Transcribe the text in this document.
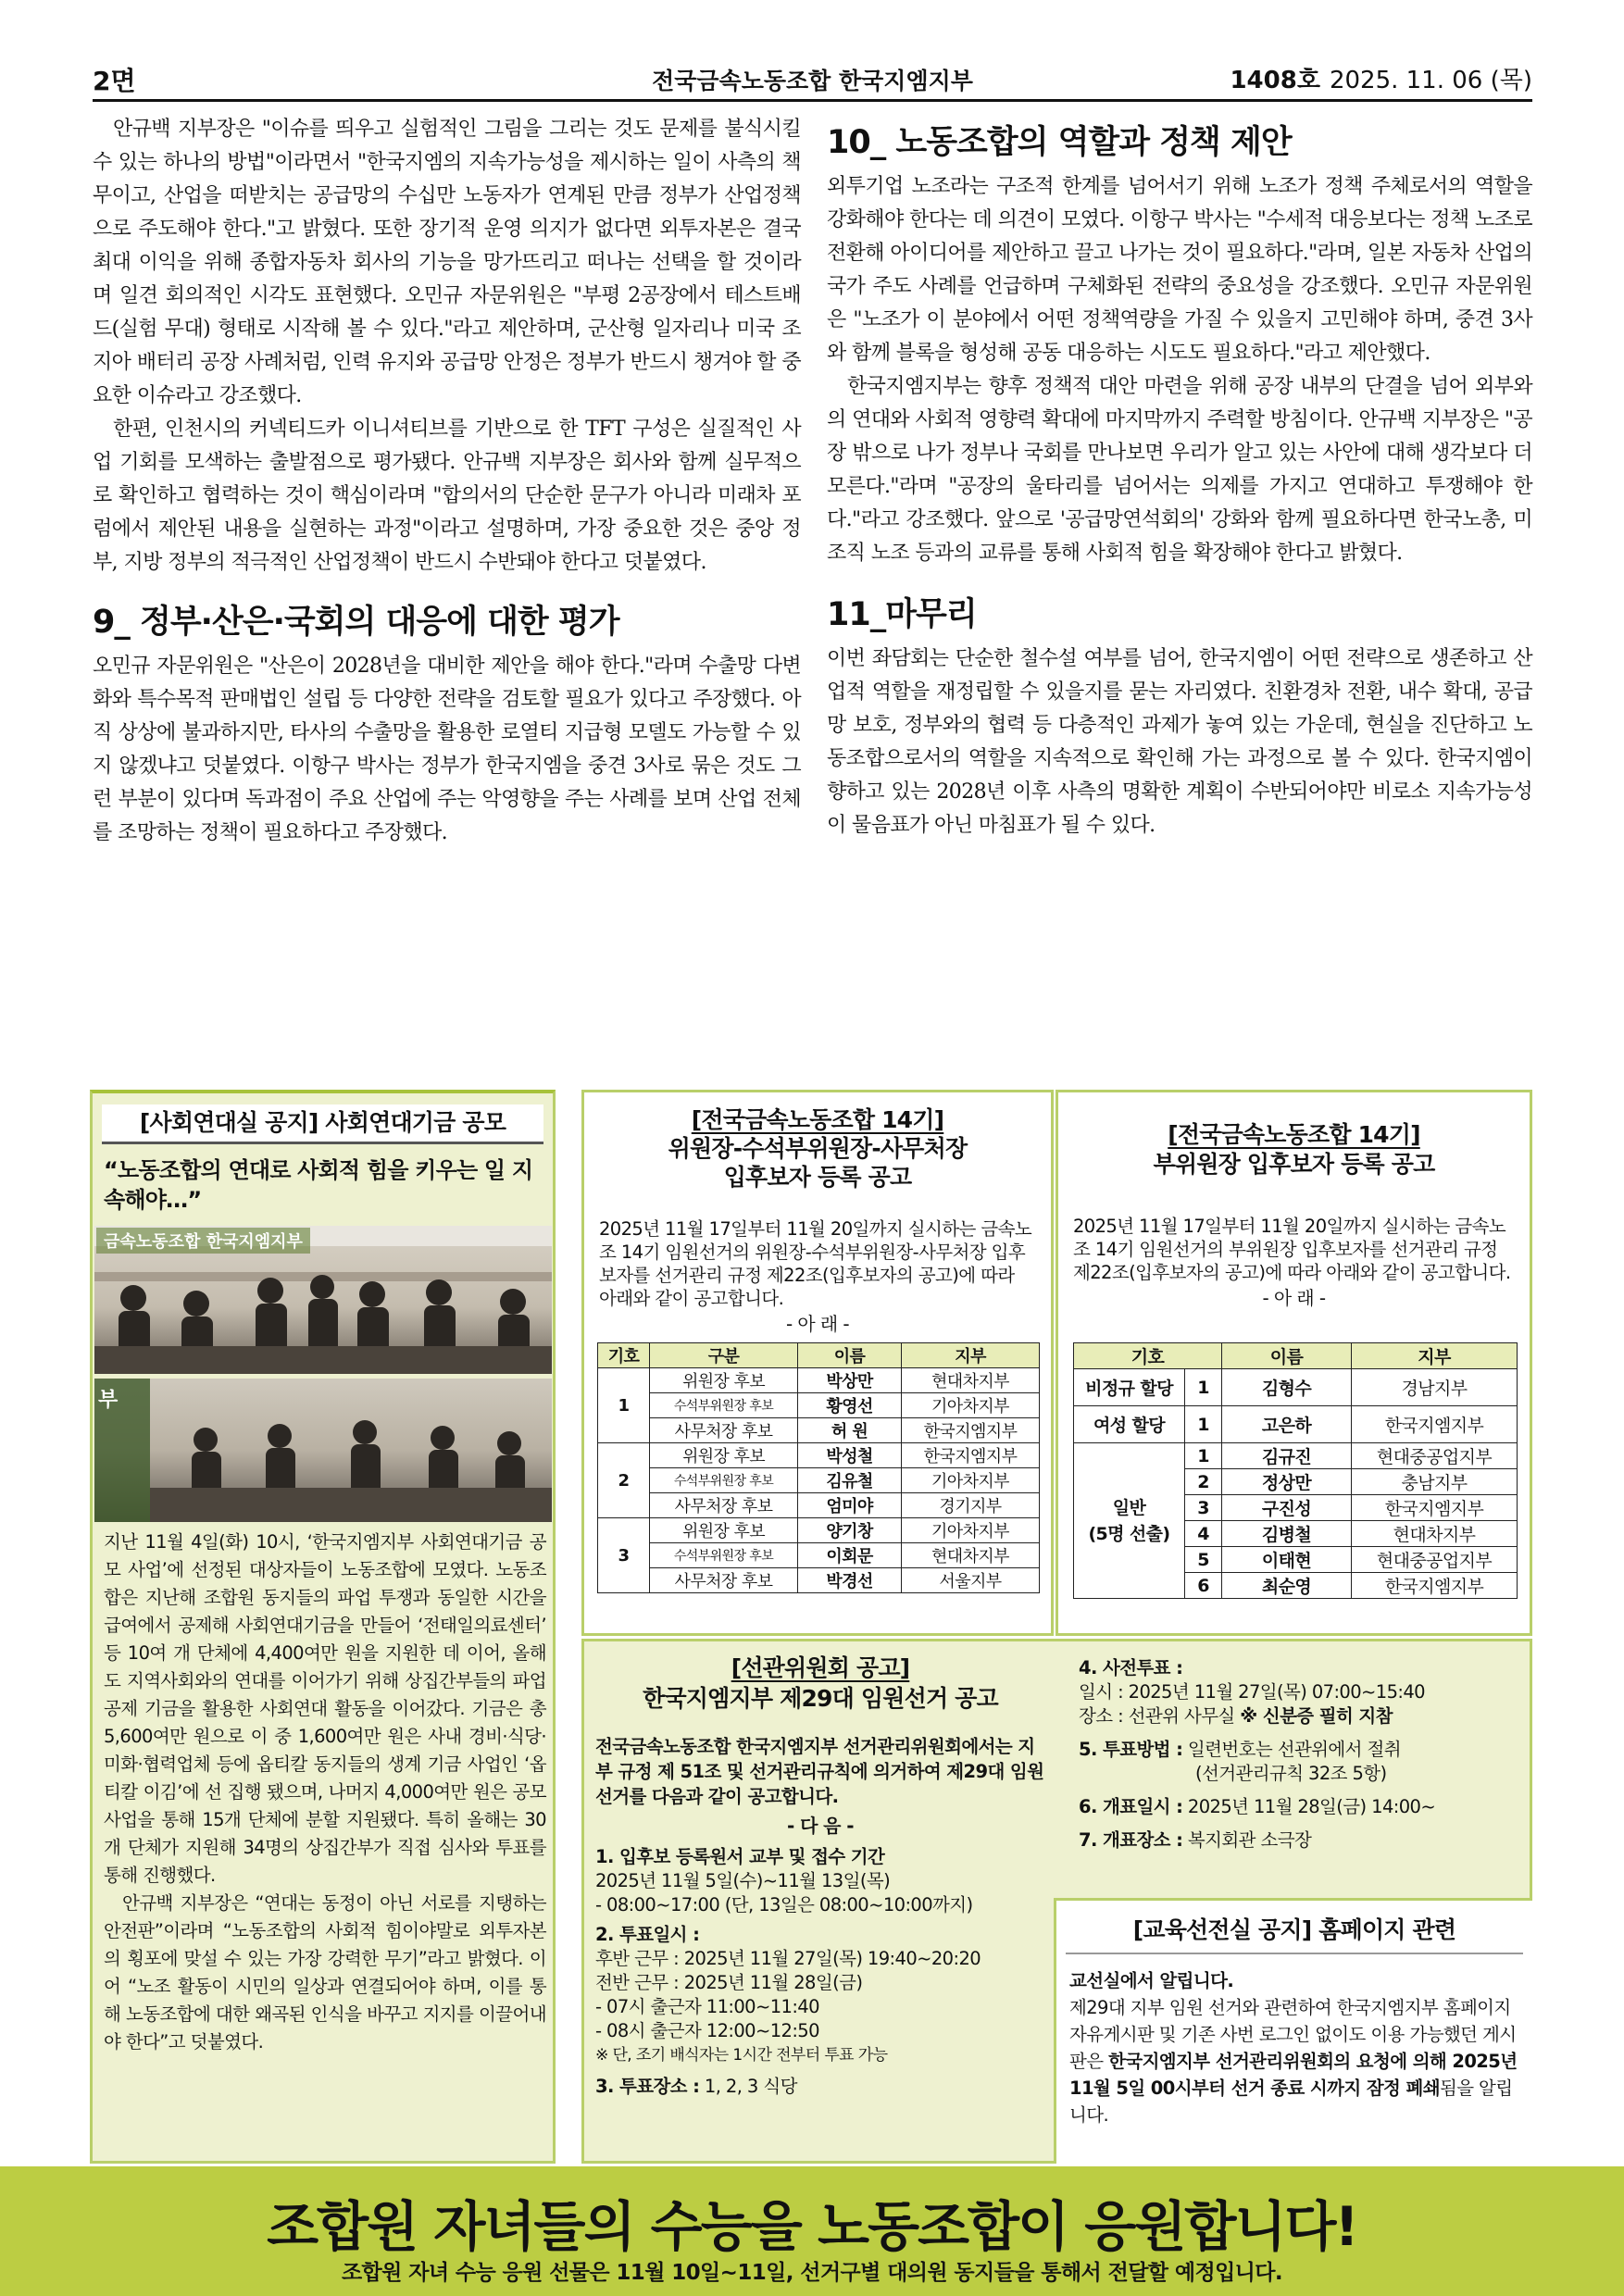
2면	전국금속노동조합 한국지엠지부	1408호 2025. 11. 06 (목)

안규백 지부장은 "이슈를 띄우고 실험적인 그림을 그리는 것도 문제를 불식시킬 수 있는 하나의 방법"이라면서 "한국지엠의 지속가능성을 제시하는 일이 사측의 책무이고, 산업을 떠받치는 공급망의 수십만 노동자가 연계된 만큼 정부가 산업정책으로 주도해야 한다."고 밝혔다. 또한 장기적 운영 의지가 없다면 외투자본은 결국 최대 이익을 위해 종합자동차 회사의 기능을 망가뜨리고 떠나는 선택을 할 것이라며 일견 회의적인 시각도 표현했다. 오민규 자문위원은 "부평 2공장에서 테스트배드(실험 무대) 형태로 시작해 볼 수 있다."라고 제안하며, 군산형 일자리나 미국 조지아 배터리 공장 사례처럼, 인력 유지와 공급망 안정은 정부가 반드시 챙겨야 할 중요한 이슈라고 강조했다.

한편, 인천시의 커넥티드카 이니셔티브를 기반으로 한 TFT 구성은 실질적인 사업 기회를 모색하는 출발점으로 평가됐다. 안규백 지부장은 회사와 함께 실무적으로 확인하고 협력하는 것이 핵심이라며 "합의서의 단순한 문구가 아니라 미래차 포럼에서 제안된 내용을 실현하는 과정"이라고 설명하며, 가장 중요한 것은 중앙 정부, 지방 정부의 적극적인 산업정책이 반드시 수반돼야 한다고 덧붙였다.

9_ 정부·산은·국회의 대응에 대한 평가

오민규 자문위원은 "산은이 2028년을 대비한 제안을 해야 한다."라며 수출망 다변화와 특수목적 판매법인 설립 등 다양한 전략을 검토할 필요가 있다고 주장했다. 아직 상상에 불과하지만, 타사의 수출망을 활용한 로열티 지급형 모델도 가능할 수 있지 않겠냐고 덧붙였다. 이항구 박사는 정부가 한국지엠을 중견 3사로 묶은 것도 그런 부분이 있다며 독과점이 주요 산업에 주는 악영향을 주는 사례를 보며 산업 전체를 조망하는 정책이 필요하다고 주장했다.

10_ 노동조합의 역할과 정책 제안

외투기업 노조라는 구조적 한계를 넘어서기 위해 노조가 정책 주체로서의 역할을 강화해야 한다는 데 의견이 모였다. 이항구 박사는 "수세적 대응보다는 정책 노조로 전환해 아이디어를 제안하고 끌고 나가는 것이 필요하다."라며, 일본 자동차 산업의 국가 주도 사례를 언급하며 구체화된 전략의 중요성을 강조했다. 오민규 자문위원은 "노조가 이 분야에서 어떤 정책역량을 가질 수 있을지 고민해야 하며, 중견 3사와 함께 블록을 형성해 공동 대응하는 시도도 필요하다."라고 제안했다.

한국지엠지부는 향후 정책적 대안 마련을 위해 공장 내부의 단결을 넘어 외부와의 연대와 사회적 영향력 확대에 마지막까지 주력할 방침이다. 안규백 지부장은 "공장 밖으로 나가 정부나 국회를 만나보면 우리가 알고 있는 사안에 대해 생각보다 더 모른다."라며 "공장의 울타리를 넘어서는 의제를 가지고 연대하고 투쟁해야 한다."라고 강조했다. 앞으로 '공급망연석회의' 강화와 함께 필요하다면 한국노총, 미조직 노조 등과의 교류를 통해 사회적 힘을 확장해야 한다고 밝혔다.

11_마무리

이번 좌담회는 단순한 철수설 여부를 넘어, 한국지엠이 어떤 전략으로 생존하고 산업적 역할을 재정립할 수 있을지를 묻는 자리였다. 친환경차 전환, 내수 확대, 공급망 보호, 정부와의 협력 등 다층적인 과제가 놓여 있는 가운데, 현실을 진단하고 노동조합으로서의 역할을 지속적으로 확인해 가는 과정으로 볼 수 있다. 한국지엠이 향하고 있는 2028년 이후 사측의 명확한 계획이 수반되어야만 비로소 지속가능성이 물음표가 아닌 마침표가 될 수 있다.

[사회연대실 공지] 사회연대기금 공모
“노동조합의 연대로 사회적 힘을 키우는 일 지속해야…”
금속노동조합 한국지엠지부
부

지난 11월 4일(화) 10시, ‘한국지엠지부 사회연대기금 공모 사업’에 선정된 대상자들이 노동조합에 모였다. 노동조합은 지난해 조합원 동지들의 파업 투쟁과 동일한 시간을 급여에서 공제해 사회연대기금을 만들어 ‘전태일의료센터’ 등 10여 개 단체에 4,400여만 원을 지원한 데 이어, 올해도 지역사회와의 연대를 이어가기 위해 상집간부들의 파업 공제 기금을 활용한 사회연대 활동을 이어갔다. 기금은 총 5,600여만 원으로 이 중 1,600여만 원은 사내 경비·식당·미화·협력업체 등에 옵티칼 동지들의 생계 기금 사업인 ‘옵티칼 이김’에 선 집행 됐으며, 나머지 4,000여만 원은 공모 사업을 통해 15개 단체에 분할 지원됐다. 특히 올해는 30개 단체가 지원해 34명의 상집간부가 직접 심사와 투표를 통해 진행했다.

안규백 지부장은 “연대는 동정이 아닌 서로를 지탱하는 안전판”이라며 “노동조합의 사회적 힘이야말로 외투자본의 횡포에 맞설 수 있는 가장 강력한 무기”라고 밝혔다. 이어 “노조 활동이 시민의 일상과 연결되어야 하며, 이를 통해 노동조합에 대한 왜곡된 인식을 바꾸고 지지를 이끌어내야 한다”고 덧붙였다.

[전국금속노동조합 14기]
위원장-수석부위원장-사무처장
입후보자 등록 공고
2025년 11월 17일부터 11월 20일까지 실시하는 금속노조 14기 임원선거의 위원장-수석부위원장-사무처장 입후보자를 선거관리 규정 제22조(입후보자의 공고)에 따라 아래와 같이 공고합니다.
- 아 래 -
기호	구분	이름	지부
1	위원장 후보	박상만	현대차지부
	수석부위원장 후보	황영선	기아차지부
	사무처장 후보	허 원	한국지엠지부
2	위원장 후보	박성철	한국지엠지부
	수석부위원장 후보	김유철	기아차지부
	사무처장 후보	엄미야	경기지부
3	위원장 후보	양기창	기아차지부
	수석부위원장 후보	이회문	현대차지부
	사무처장 후보	박경선	서울지부
[전국금속노동조합 14기]
부위원장 입후보자 등록 공고
2025년 11월 17일부터 11월 20일까지 실시하는 금속노조 14기 임원선거의 부위원장 입후보자를 선거관리 규정 제22조(입후보자의 공고)에 따라 아래와 같이 공고합니다.
- 아 래 -
기호		이름	지부
비정규 할당	1	김형수	경남지부
여성 할당	1	고은하	한국지엠지부

일반
(5명 선출)	1	김규진	현대중공업지부
	2	정상만	충남지부
	3	구진성	한국지엠지부
	4	김병철	현대차지부
	5	이태현	현대중공업지부
	6	최순영	한국지엠지부
[선관위원회 공고]
한국지엠지부 제29대 임원선거 공고
전국금속노동조합 한국지엠지부 선거관리위원회에서는 지부 규정 제 51조 및 선거관리규칙에 의거하여 제29대 임원선거를 다음과 같이 공고합니다.
- 다 음 -
1. 입후보 등록원서 교부 및 접수 기간
2025년 11월 5일(수)~11월 13일(목)
- 08:00~17:00 (단, 13일은 08:00~10:00까지)
2. 투표일시 :
후반 근무 : 2025년 11월 27일(목) 19:40~20:20
전반 근무 : 2025년 11월 28일(금)
- 07시 출근자 11:00~11:40
- 08시 출근자 12:00~12:50
※ 단, 조기 배식자는 1시간 전부터 투표 가능
3. 투표장소 : 1, 2, 3 식당
4. 사전투표 :
일시 : 2025년 11월 27일(목) 07:00~15:40
장소 : 선관위 사무실 ※ 신분증 필히 지참
5. 투표방법 : 일련번호는 선관위에서 절취
(선거관리규칙 32조 5항)
6. 개표일시 : 2025년 11월 28일(금) 14:00~
7. 개표장소 : 복지회관 소극장
[교육선전실 공지] 홈페이지 관련
교선실에서 알립니다.
제29대 지부 임원 선거와 관련하여 한국지엠지부 홈페이지 자유게시판 및 기존 사번 로그인 없이도 이용 가능했던 게시판은 한국지엠지부 선거관리위원회의 요청에 의해 2025년 11월 5일 00시부터 선거 종료 시까지 잠정 폐쇄됨을 알립니다.
조합원 자녀들의 수능을 노동조합이 응원합니다!
조합원 자녀 수능 응원 선물은 11월 10일~11일, 선거구별 대의원 동지들을 통해서 전달할 예정입니다.
